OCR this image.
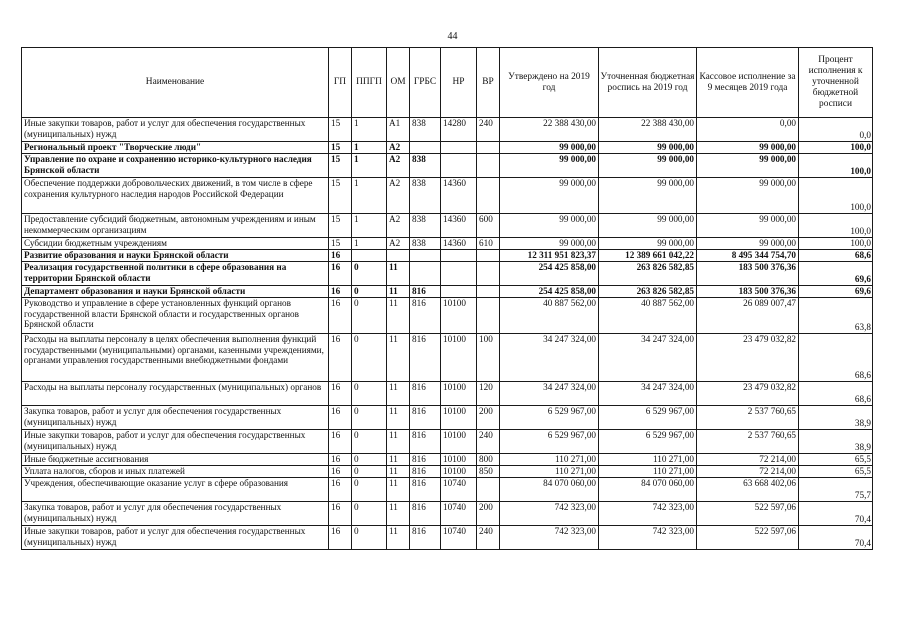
44
Наименование	ГП	ППГП	ОМ	ГРБС	НР	ВР	Утверждено на 2019 год	Уточненная бюджетная роспись на 2019 год	Кассовое исполнение за 9 месяцев 2019 года	Процент исполнения к уточненной бюджетной росписи
Иные закупки товаров, работ и услуг для обеспечения государственных (муниципальных) нужд	15	1	A1	838	14280	240	22 388 430,00	22 388 430,00	0,00	0,0
Региональный проект "Творческие люди"	15	1	A2				99 000,00	99 000,00	99 000,00	100,0
Управление по охране и сохранению историко-культурного наследия Брянской области	15	1	A2	838			99 000,00	99 000,00	99 000,00	100,0
Обеспечение поддержки добровольческих движений, в том числе в сфере сохранения культурного наследия народов Российской Федерации	15	1	A2	838	14360		99 000,00	99 000,00	99 000,00	100,0
Предоставление субсидий бюджетным, автономным учреждениям и иным некоммерческим организациям	15	1	A2	838	14360	600	99 000,00	99 000,00	99 000,00	100,0
Субсидии бюджетным учреждениям	15	1	A2	838	14360	610	99 000,00	99 000,00	99 000,00	100,0
Развитие образования и науки Брянской области	16						12 311 951 823,37	12 389 661 042,22	8 495 344 754,70	68,6
Реализация государственной политики в сфере образования на территории Брянской области	16	0	11				254 425 858,00	263 826 582,85	183 500 376,36	69,6
Департамент образования и науки Брянской области	16	0	11	816			254 425 858,00	263 826 582,85	183 500 376,36	69,6
Руководство и управление в сфере установленных функций органов государственной власти Брянской области и государственных органов Брянской области	16	0	11	816	10100		40 887 562,00	40 887 562,00	26 089 007,47	63,8
Расходы на выплаты персоналу в целях обеспечения выполнения функций государственными (муниципальными) органами, казенными учреждениями, органами управления государственными внебюджетными фондами	16	0	11	816	10100	100	34 247 324,00	34 247 324,00	23 479 032,82	68,6
Расходы на выплаты персоналу государственных (муниципальных) органов	16	0	11	816	10100	120	34 247 324,00	34 247 324,00	23 479 032,82	68,6
Закупка товаров, работ и услуг для обеспечения государственных (муниципальных) нужд	16	0	11	816	10100	200	6 529 967,00	6 529 967,00	2 537 760,65	38,9
Иные закупки товаров, работ и услуг для обеспечения государственных (муниципальных) нужд	16	0	11	816	10100	240	6 529 967,00	6 529 967,00	2 537 760,65	38,9
Иные бюджетные ассигнования	16	0	11	816	10100	800	110 271,00	110 271,00	72 214,00	65,5
Уплата налогов, сборов и иных платежей	16	0	11	816	10100	850	110 271,00	110 271,00	72 214,00	65,5
Учреждения, обеспечивающие оказание услуг в сфере образования	16	0	11	816	10740		84 070 060,00	84 070 060,00	63 668 402,06	75,7
Закупка товаров, работ и услуг для обеспечения государственных (муниципальных) нужд	16	0	11	816	10740	200	742 323,00	742 323,00	522 597,06	70,4
Иные закупки товаров, работ и услуг для обеспечения государственных (муниципальных) нужд	16	0	11	816	10740	240	742 323,00	742 323,00	522 597,06	70,4
